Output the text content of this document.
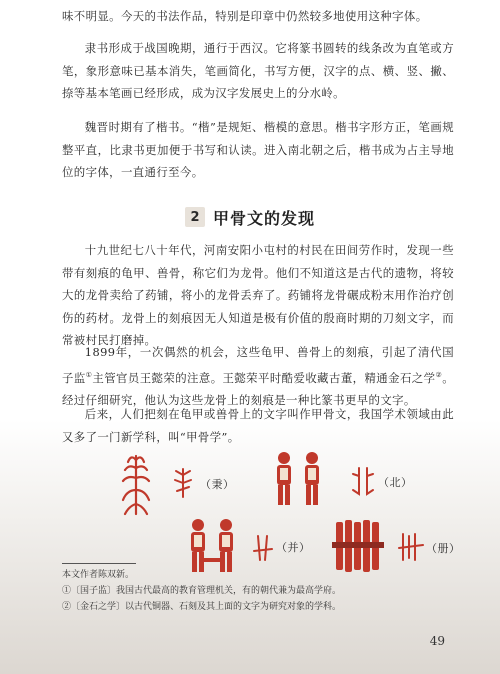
味不明显。今天的书法作品，特别是印章中仍然较多地使用这种字体。

隶书形成于战国晚期，通行于西汉。它将篆书圆转的线条改为直笔或方笔，象形意味已基本消失，笔画简化，书写方便，汉字的点、横、竖、撇、捺等基本笔画已经形成，成为汉字发展史上的分水岭。

魏晋时期有了楷书。“楷”是规矩、楷模的意思。楷书字形方正，笔画规整平直，比隶书更加便于书写和认读。进入南北朝之后，楷书成为占主导地位的字体，一直通行至今。

2 甲骨文的发现

十九世纪七八十年代，河南安阳小屯村的村民在田间劳作时，发现一些带有刻痕的龟甲、兽骨，称它们为龙骨。他们不知道这是古代的遗物，将较大的龙骨卖给了药铺，将小的龙骨丢弃了。药铺将龙骨碾成粉末用作治疗创伤的药材。龙骨上的刻痕因无人知道是极有价值的殷商时期的刀刻文字，而常被村民打磨掉。

1899年，一次偶然的机会，这些龟甲、兽骨上的刻痕，引起了清代国子监①主管官员王懿荣的注意。王懿荣平时酷爱收藏古董，精通金石之学②。经过仔细研究，他认为这些龙骨上的刻痕是一种比篆书更早的文字。

后来，人们把刻在龟甲或兽骨上的文字叫作甲骨文，我国学术领域由此又多了一门新学科，叫“甲骨学”。

（秉）	（北）
（并）	（册）
本文作者陈双新。
①〔国子监〕我国古代最高的教育管理机关，有的朝代兼为最高学府。
②〔金石之学〕以古代铜器、石刻及其上面的文字为研究对象的学科。
49
